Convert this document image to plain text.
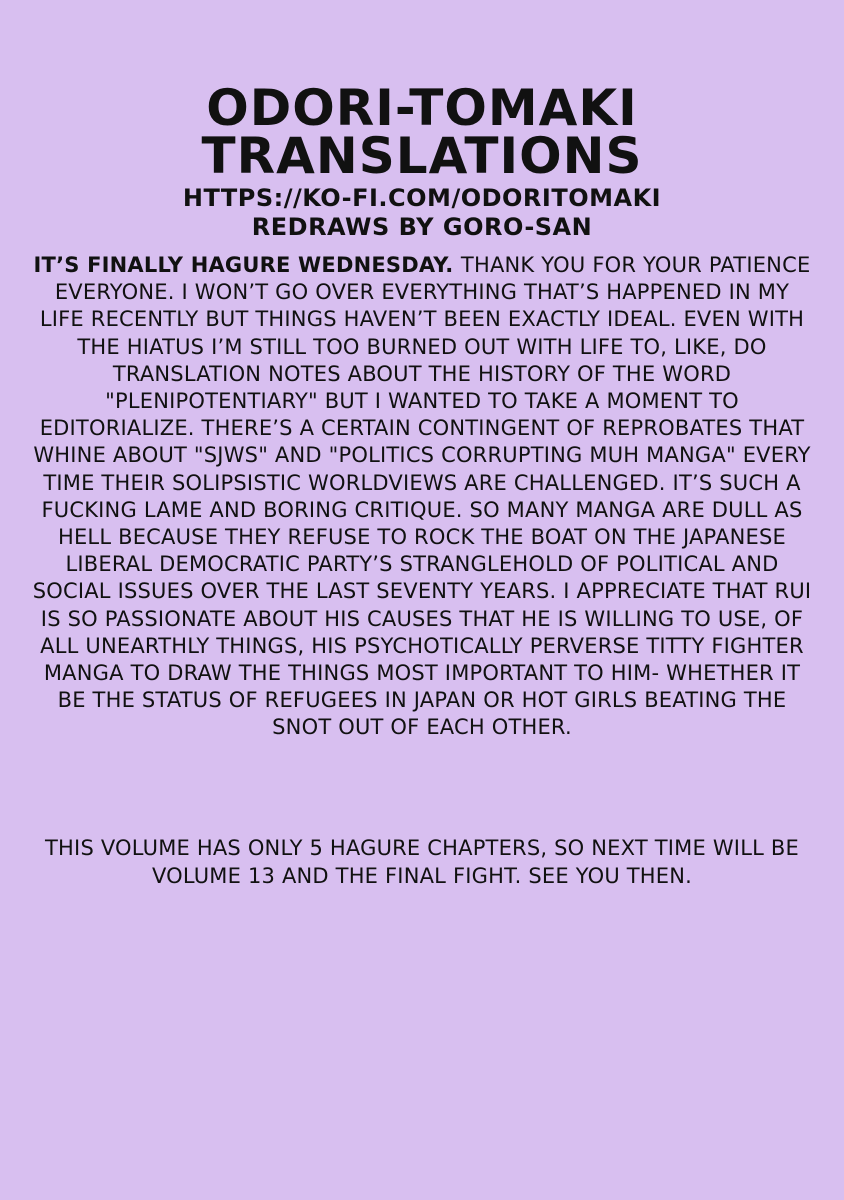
ODORI-TOMAKI
TRANSLATIONS
HTTPS://KO-FI.COM/ODORITOMAKI
REDRAWS BY GORO-SAN
IT’S FINALLY HAGURE WEDNESDAY. THANK YOU FOR YOUR PATIENCE EVERYONE. I WON’T GO OVER EVERYTHING THAT’S HAPPENED IN MY LIFE RECENTLY BUT THINGS HAVEN’T BEEN EXACTLY IDEAL. EVEN WITH THE HIATUS I’M STILL TOO BURNED OUT WITH LIFE TO, LIKE, DO TRANSLATION NOTES ABOUT THE HISTORY OF THE WORD "PLENIPOTENTIARY" BUT I WANTED TO TAKE A MOMENT TO EDITORIALIZE. THERE’S A CERTAIN CONTINGENT OF REPROBATES THAT WHINE ABOUT "SJWS" AND "POLITICS CORRUPTING MUH MANGA" EVERY TIME THEIR SOLIPSISTIC WORLDVIEWS ARE CHALLENGED. IT’S SUCH A FUCKING LAME AND BORING CRITIQUE. SO MANY MANGA ARE DULL AS HELL BECAUSE THEY REFUSE TO ROCK THE BOAT ON THE JAPANESE LIBERAL DEMOCRATIC PARTY’S STRANGLEHOLD OF POLITICAL AND SOCIAL ISSUES OVER THE LAST SEVENTY YEARS. I APPRECIATE THAT RUI IS SO PASSIONATE ABOUT HIS CAUSES THAT HE IS WILLING TO USE, OF ALL UNEARTHLY THINGS, HIS PSYCHOTICALLY PERVERSE TITTY FIGHTER MANGA TO DRAW THE THINGS MOST IMPORTANT TO HIM- WHETHER IT BE THE STATUS OF REFUGEES IN JAPAN OR HOT GIRLS BEATING THE SNOT OUT OF EACH OTHER.
THIS VOLUME HAS ONLY 5 HAGURE CHAPTERS, SO NEXT TIME WILL BE VOLUME 13 AND THE FINAL FIGHT. SEE YOU THEN.
